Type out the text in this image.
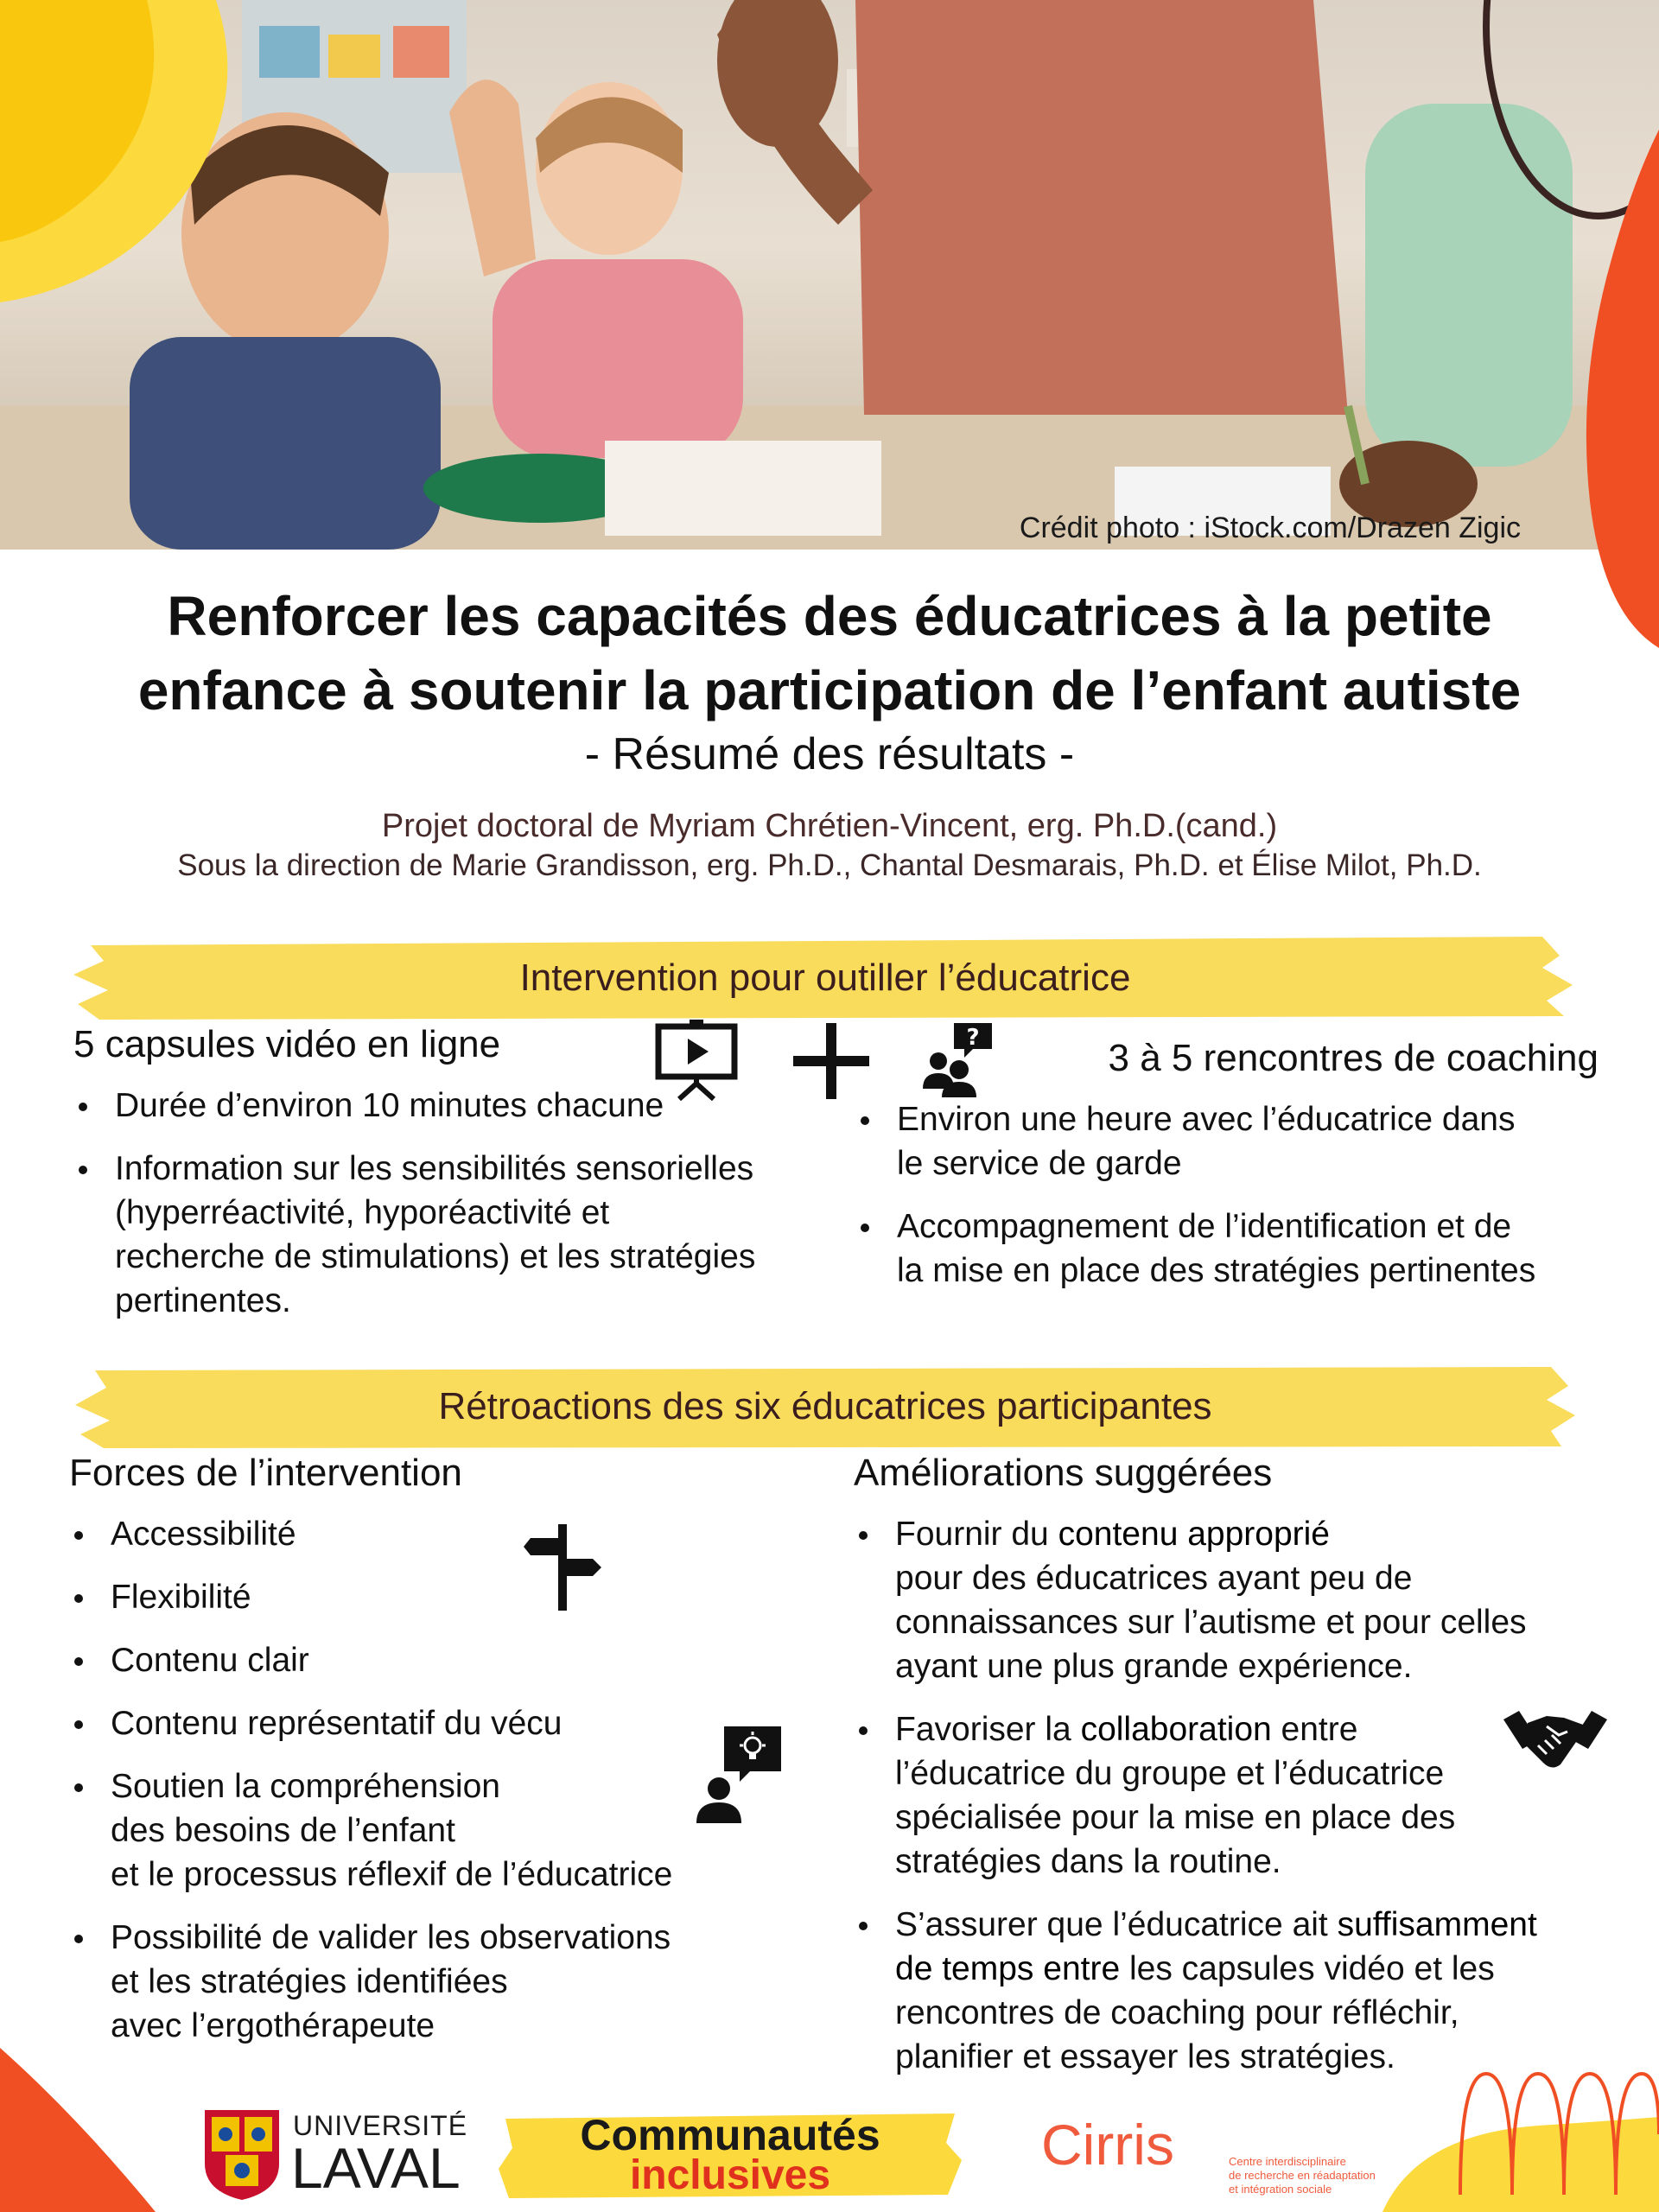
Crédit photo : iStock.com/Drazen Zigic
Renforcer les capacités des éducatrices à la petite
enfance à soutenir la participation de l’enfant autiste
- Résumé des résultats -
Projet doctoral de Myriam Chrétien-Vincent, erg. Ph.D.(cand.)
Sous la direction de Marie Grandisson, erg. Ph.D., Chantal Desmarais, Ph.D. et Élise Milot, Ph.D.
Intervention pour outiller l’éducatrice
5 capsules vidéo en ligne
Durée d’environ 10 minutes chacune
Information sur les sensibilités sensorielles
(hyperréactivité, hyporéactivité et
recherche de stimulations) et les stratégies
pertinentes.
?	3 à 5 rencontres de coaching
Environ une heure avec l’éducatrice dans
le service de garde
Accompagnement de l’identification et de
la mise en place des stratégies pertinentes
Rétroactions des six éducatrices participantes
Forces de l’intervention
Accessibilité
Flexibilité
Contenu clair
Contenu représentatif du vécu
Soutien la compréhension
des besoins de l’enfant
et le processus réflexif de l’éducatrice
Possibilité de valider les observations
et les stratégies identifiées
avec l’ergothérapeute
Améliorations suggérées
Fournir du contenu approprié
pour des éducatrices ayant peu de
connaissances sur l’autisme et pour celles
ayant une plus grande expérience.
Favoriser la collaboration entre
l’éducatrice du groupe et l’éducatrice
spécialisée pour la mise en place des
stratégies dans la routine.
S’assurer que l’éducatrice ait suffisamment
de temps entre les capsules vidéo et les
rencontres de coaching pour réfléchir,
planifier et essayer les stratégies.
UNIVERSITÉ
LAVAL
Communautés
inclusives	Cirris	Centre interdisciplinaire
de recherche en réadaptation
et intégration sociale
